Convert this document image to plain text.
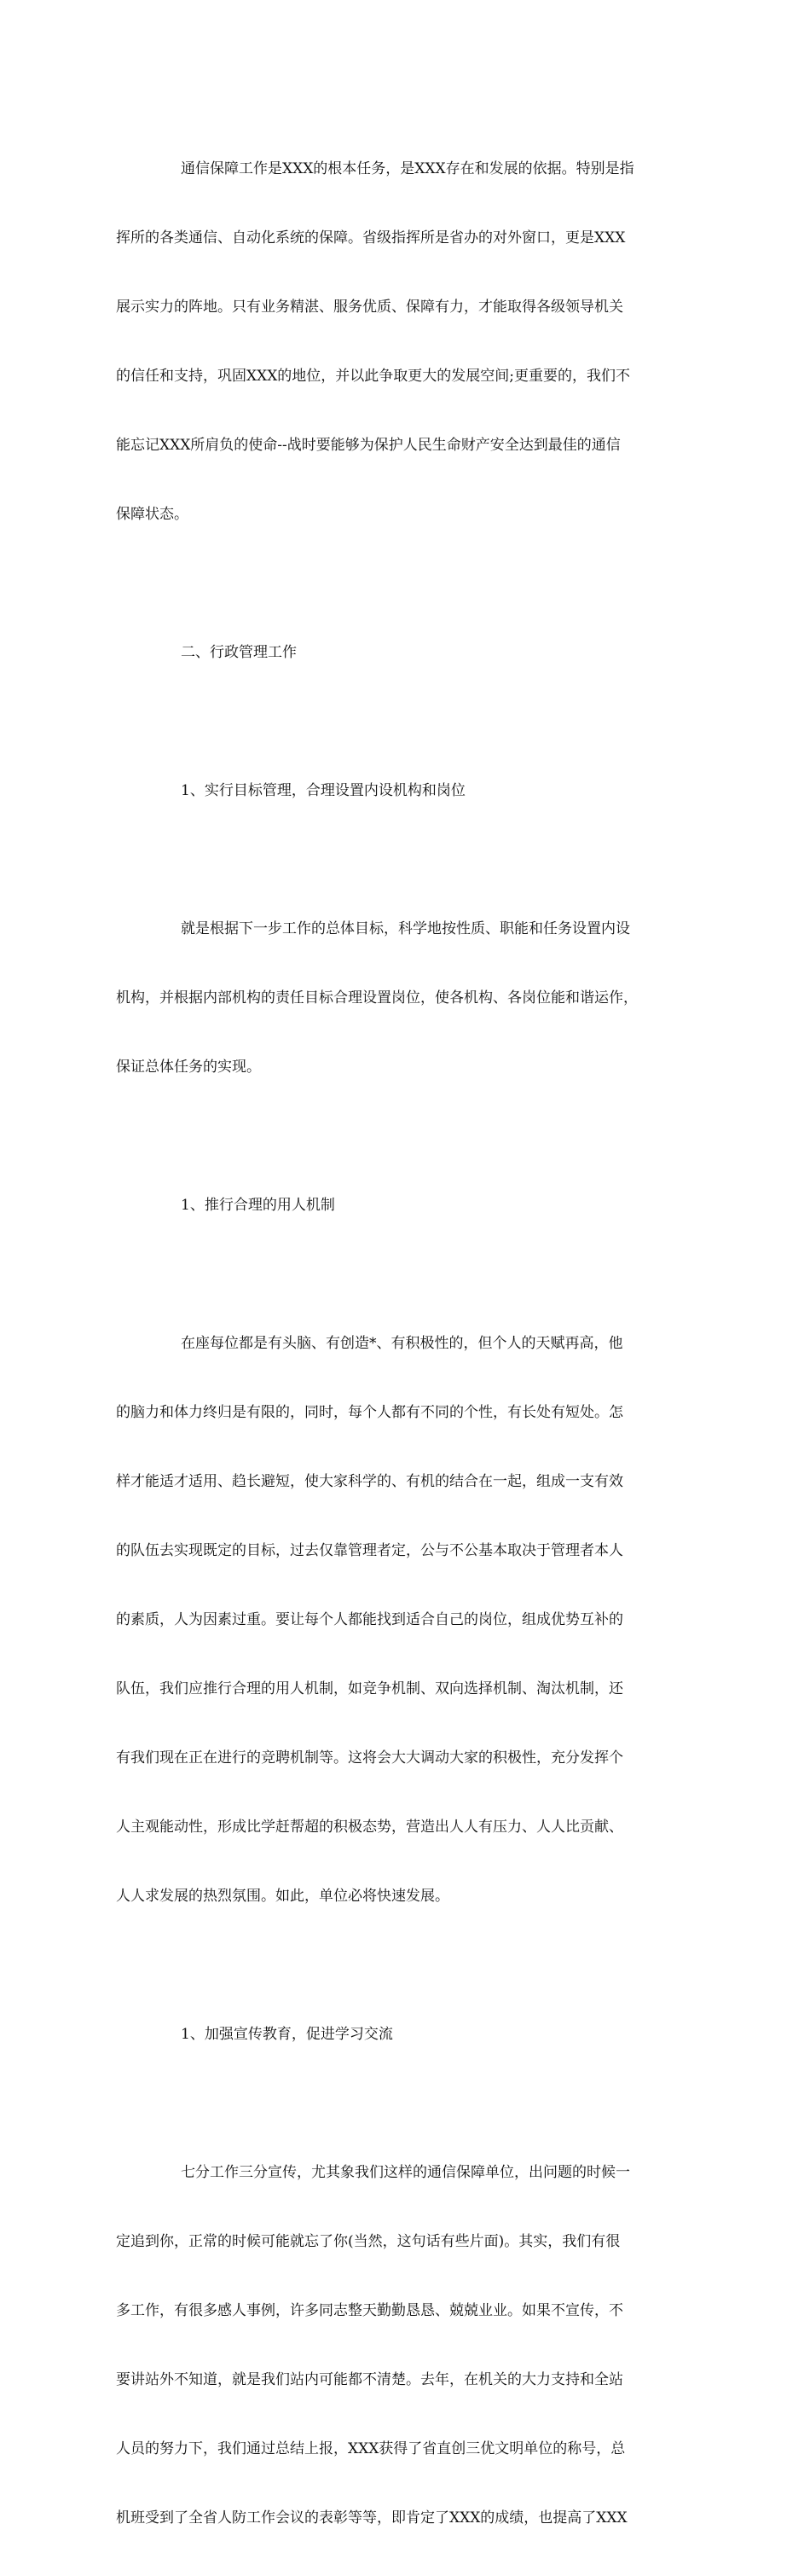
通信保障工作是XXX的根本任务，是XXX存在和发展的依据。特别是指

挥所的各类通信、自动化系统的保障。省级指挥所是省办的对外窗口，更是XXX

展示实力的阵地。只有业务精湛、服务优质、保障有力，才能取得各级领导机关

的信任和支持，巩固XXX的地位，并以此争取更大的发展空间;更重要的，我们不

能忘记XXX所肩负的使命--战时要能够为保护人民生命财产安全达到最佳的通信

保障状态。

二、行政管理工作

1、实行目标管理，合理设置内设机构和岗位

就是根据下一步工作的总体目标，科学地按性质、职能和任务设置内设

机构，并根据内部机构的责任目标合理设置岗位，使各机构、各岗位能和谐运作，

保证总体任务的实现。

1、推行合理的用人机制

在座每位都是有头脑、有创造*、有积极性的，但个人的天赋再高，他

的脑力和体力终归是有限的，同时，每个人都有不同的个性，有长处有短处。怎

样才能适才适用、趋长避短，使大家科学的、有机的结合在一起，组成一支有效

的队伍去实现既定的目标，过去仅靠管理者定，公与不公基本取决于管理者本人

的素质，人为因素过重。要让每个人都能找到适合自己的岗位，组成优势互补的

队伍，我们应推行合理的用人机制，如竞争机制、双向选择机制、淘汰机制，还

有我们现在正在进行的竞聘机制等。这将会大大调动大家的积极性，充分发挥个

人主观能动性，形成比学赶帮超的积极态势，营造出人人有压力、人人比贡献、

人人求发展的热烈氛围。如此，单位必将快速发展。

1、加强宣传教育，促进学习交流

七分工作三分宣传，尤其象我们这样的通信保障单位，出问题的时候一

定追到你，正常的时候可能就忘了你(当然，这句话有些片面)。其实，我们有很

多工作，有很多感人事例，许多同志整天勤勤恳恳、兢兢业业。如果不宣传，不

要讲站外不知道，就是我们站内可能都不清楚。去年，在机关的大力支持和全站

人员的努力下，我们通过总结上报，XXX获得了省直创三优文明单位的称号，总

机班受到了全省人防工作会议的表彰等等，即肯定了XXX的成绩，也提高了XXX
